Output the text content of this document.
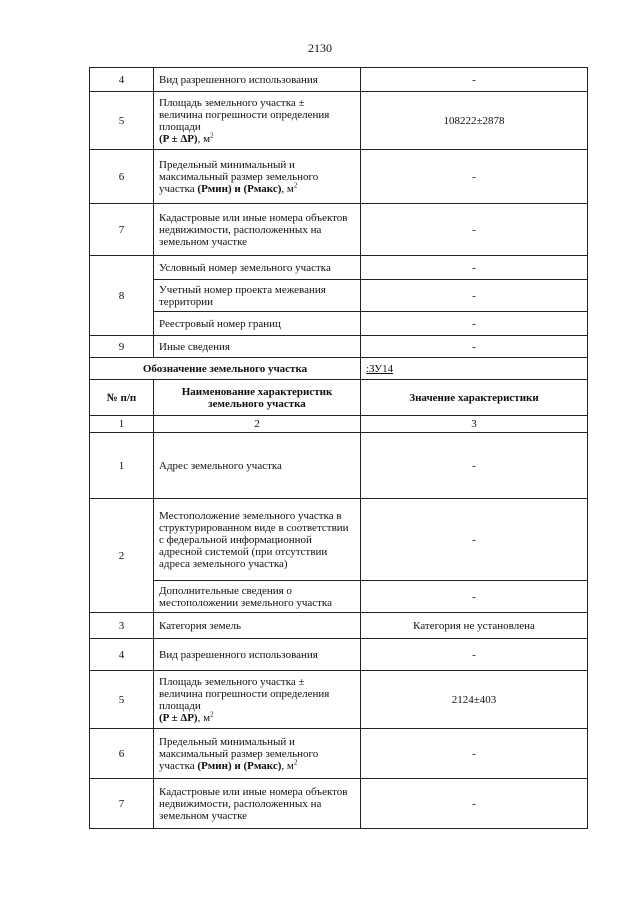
2130
4	Вид разрешенного использования	-
5	Площадь земельного участка ±
величина погрешности определения
площади
(P ± ΔP), $м^2$	108222±2878
6	Предельный минимальный и
максимальный размер земельного
участка (Рмин) и (Рмакс), $м^2$	-
7	Кадастровые или иные номера объектов недвижимости, расположенных на земельном участке	-
8	Условный номер земельного участка	-
	Учетный номер проекта межевания территории	-
	Реестровый номер границ	-
9	Иные сведения	-
Обозначение земельного участка		:ЗУ14
№ п/п	Наименование характеристик земельного участка	Значение характеристики
1	2	3
1	Адрес земельного участка	-
2	Местоположение земельного участка в структурированном виде в соответствии с федеральной информационной адресной системой (при отсутствии адреса земельного участка)	-
	Дополнительные сведения о местоположении земельного участка	-
3	Категория земель	Категория не установлена
4	Вид разрешенного использования	-
5	Площадь земельного участка ±
величина погрешности определения
площади
(P ± ΔP), $м^2$	2124±403
6	Предельный минимальный и
максимальный размер земельного
участка (Рмин) и (Рмакс), $м^2$	-
7	Кадастровые или иные номера объектов недвижимости, расположенных на земельном участке	-
